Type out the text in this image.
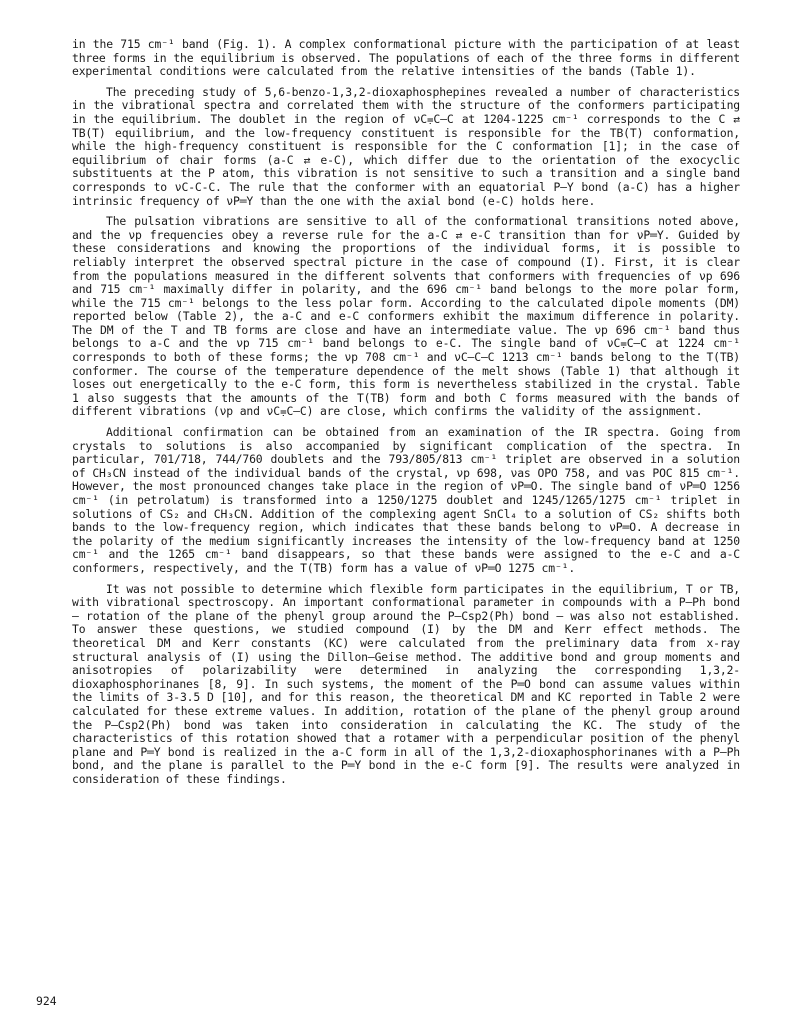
in the 715 cm⁻¹ band (Fig. 1). A complex conformational picture with the participation of at least three forms in the equilibrium is observed. The populations of each of the three forms in different experimental conditions were calculated from the relative intensities of the bands (Table 1).

The preceding study of 5,6-benzo-1,3,2-dioxaphosphepines revealed a number of characteristics in the vibrational spectra and correlated them with the structure of the conformers participating in the equilibrium. The doublet in the region of νC⩦C—C at 1204-1225 cm⁻¹ corresponds to the C ⇄ TB(T) equilibrium, and the low-frequency constituent is responsible for the TB(T) conformation, while the high-frequency constituent is responsible for the C conformation [1]; in the case of equilibrium of chair forms (a-C ⇄ e-C), which differ due to the orientation of the exocyclic substituents at the P atom, this vibration is not sensitive to such a transition and a single band corresponds to νC-C-C. The rule that the conformer with an equatorial P—Y bond (a-C) has a higher intrinsic frequency of νP═Y than the one with the axial bond (e-C) holds here.

The pulsation vibrations are sensitive to all of the conformational transitions noted above, and the νp frequencies obey a reverse rule for the a-C ⇄ e-C transition than for νP═Y. Guided by these considerations and knowing the proportions of the individual forms, it is possible to reliably interpret the observed spectral picture in the case of compound (I). First, it is clear from the populations measured in the different solvents that conformers with frequencies of νp 696 and 715 cm⁻¹ maximally differ in polarity, and the 696 cm⁻¹ band belongs to the more polar form, while the 715 cm⁻¹ belongs to the less polar form. According to the calculated dipole moments (DM) reported below (Table 2), the a-C and e-C conformers exhibit the maximum difference in polarity. The DM of the T and TB forms are close and have an intermediate value. The νp 696 cm⁻¹ band thus belongs to a-C and the νp 715 cm⁻¹ band belongs to e-C. The single band of νC⩦C—C at 1224 cm⁻¹ corresponds to both of these forms; the νp 708 cm⁻¹ and νC—C—C 1213 cm⁻¹ bands belong to the T(TB) conformer. The course of the temperature dependence of the melt shows (Table 1) that although it loses out energetically to the e-C form, this form is nevertheless stabilized in the crystal. Table 1 also suggests that the amounts of the T(TB) form and both C forms measured with the bands of different vibrations (νp and νC⩦C—C) are close, which confirms the validity of the assignment.

Additional confirmation can be obtained from an examination of the IR spectra. Going from crystals to solutions is also accompanied by significant complication of the spectra. In particular, 701/718, 744/760 doublets and the 793/805/813 cm⁻¹ triplet are observed in a solution of CH₃CN instead of the individual bands of the crystal, νp 698, νas OPO 758, and νas POC 815 cm⁻¹. However, the most pronounced changes take place in the region of νP═O. The single band of νP═O 1256 cm⁻¹ (in petrolatum) is transformed into a 1250/1275 doublet and 1245/1265/1275 cm⁻¹ triplet in solutions of CS₂ and CH₃CN. Addition of the complexing agent SnCl₄ to a solution of CS₂ shifts both bands to the low-frequency region, which indicates that these bands belong to νP═O. A decrease in the polarity of the medium significantly increases the intensity of the low-frequency band at 1250 cm⁻¹ and the 1265 cm⁻¹ band disappears, so that these bands were assigned to the e-C and a-C conformers, respectively, and the T(TB) form has a value of νP═O 1275 cm⁻¹.

It was not possible to determine which flexible form participates in the equilibrium, T or TB, with vibrational spectroscopy. An important conformational parameter in compounds with a P—Ph bond — rotation of the plane of the phenyl group around the P—Csp2(Ph) bond — was also not established. To answer these questions, we studied compound (I) by the DM and Kerr effect methods. The theoretical DM and Kerr constants (KC) were calculated from the preliminary data from x-ray structural analysis of (I) using the Dillon—Geise method. The additive bond and group moments and anisotropies of polarizability were determined in analyzing the corresponding 1,3,2-dioxaphosphorinanes [8, 9]. In such systems, the moment of the P═O bond can assume values within the limits of 3-3.5 D [10], and for this reason, the theoretical DM and KC reported in Table 2 were calculated for these extreme values. In addition, rotation of the plane of the phenyl group around the P—Csp2(Ph) bond was taken into consideration in calculating the KC. The study of the characteristics of this rotation showed that a rotamer with a perpendicular position of the phenyl plane and P═Y bond is realized in the a-C form in all of the 1,3,2-dioxaphosphorinanes with a P—Ph bond, and the plane is parallel to the P═Y bond in the e-C form [9]. The results were analyzed in consideration of these findings.

924
